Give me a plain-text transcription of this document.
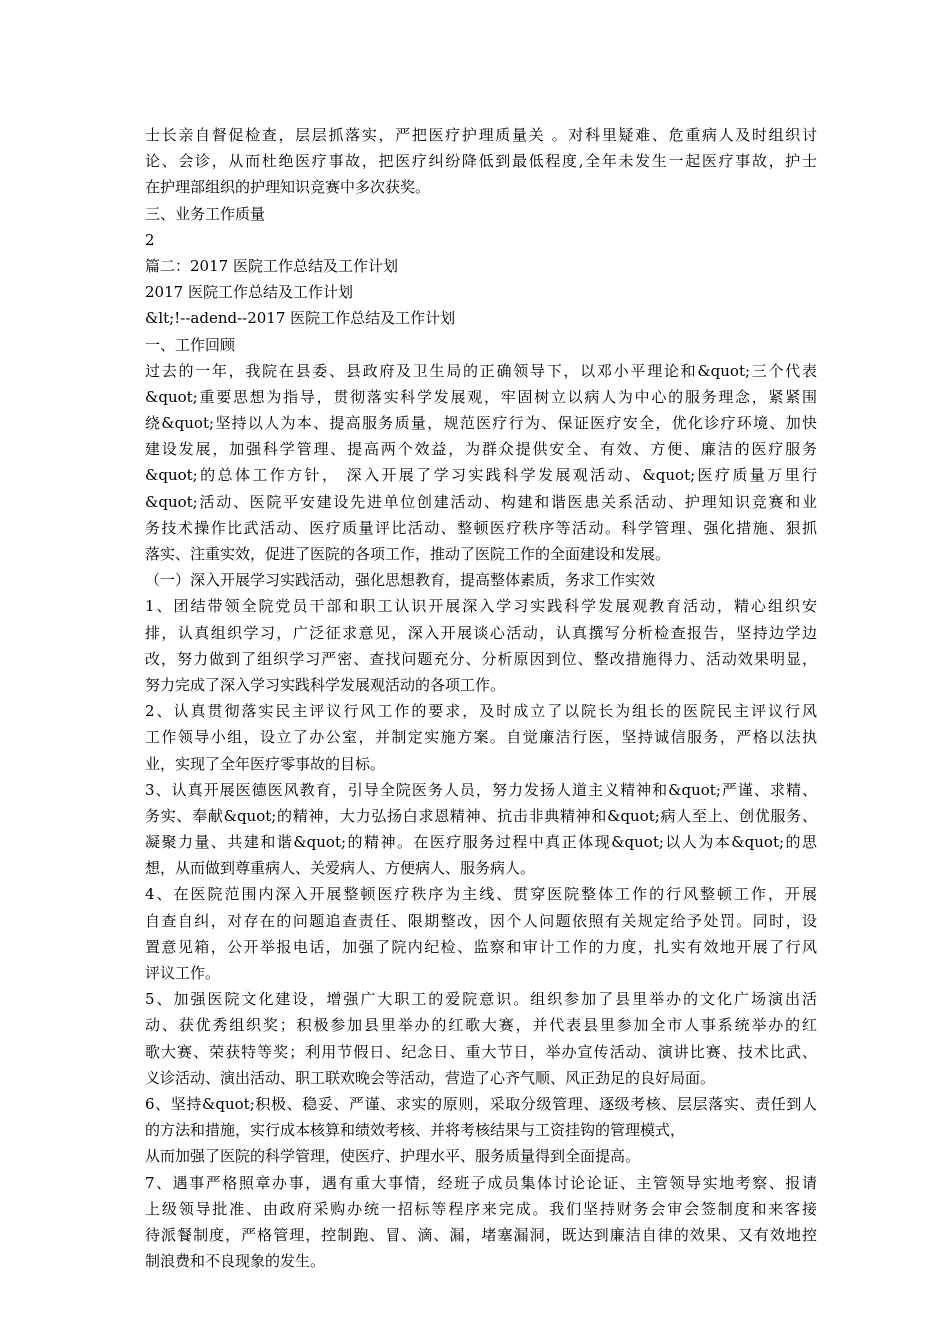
士长亲自督促检查，层层抓落实，严把医疗护理质量关 。对科里疑难、危重病人及时组织讨
论、会诊，从而杜绝医疗事故，把医疗纠纷降低到最低程度,全年未发生一起医疗事故，护士
在护理部组织的护理知识竞赛中多次获奖。
三、业务工作质量
2
篇二：2017 医院工作总结及工作计划
2017 医院工作总结及工作计划
&lt;!--adend--2017 医院工作总结及工作计划
一、工作回顾
过去的一年，我院在县委、县政府及卫生局的正确领导下，以邓小平理论和&quot;三个代表
&quot;重要思想为指导，贯彻落实科学发展观，牢固树立以病人为中心的服务理念，紧紧围
绕&quot;坚持以人为本、提高服务质量，规范医疗行为、保证医疗安全，优化诊疗环境、加快
建设发展，加强科学管理、提高两个效益，为群众提供安全、有效、方便、廉洁的医疗服务
&quot;的总体工作方针， 深入开展了学习实践科学发展观活动、&quot;医疗质量万里行
&quot;活动、医院平安建设先进单位创建活动、构建和谐医患关系活动、护理知识竞赛和业
务技术操作比武活动、医疗质量评比活动、整顿医疗秩序等活动。科学管理、强化措施、狠抓
落实、注重实效，促进了医院的各项工作，推动了医院工作的全面建设和发展。
（一）深入开展学习实践活动，强化思想教育，提高整体素质，务求工作实效
1、团结带领全院党员干部和职工认识开展深入学习实践科学发展观教育活动，精心组织安
排，认真组织学习，广泛征求意见，深入开展谈心活动，认真撰写分析检查报告，坚持边学边
改，努力做到了组织学习严密、查找问题充分、分析原因到位、整改措施得力、活动效果明显，
努力完成了深入学习实践科学发展观活动的各项工作。
2、认真贯彻落实民主评议行风工作的要求，及时成立了以院长为组长的医院民主评议行风
工作领导小组，设立了办公室，并制定实施方案。自觉廉洁行医，坚持诚信服务，严格以法执
业，实现了全年医疗零事故的目标。
3、认真开展医德医风教育，引导全院医务人员，努力发扬人道主义精神和&quot;严谨、求精、
务实、奉献&quot;的精神，大力弘扬白求恩精神、抗击非典精神和&quot;病人至上、创优服务、
凝聚力量、共建和谐&quot;的精神。在医疗服务过程中真正体现&quot;以人为本&quot;的思
想，从而做到尊重病人、关爱病人、方便病人、服务病人。
4、在医院范围内深入开展整顿医疗秩序为主线、贯穿医院整体工作的行风整顿工作，开展
自查自纠，对存在的问题追查责任、限期整改，因个人问题依照有关规定给予处罚。同时，设
置意见箱，公开举报电话，加强了院内纪检、监察和审计工作的力度，扎实有效地开展了行风
评议工作。
5、加强医院文化建设，增强广大职工的爱院意识。组织参加了县里举办的文化广场演出活
动、获优秀组织奖；积极参加县里举办的红歌大赛，并代表县里参加全市人事系统举办的红
歌大赛、荣获特等奖；利用节假日、纪念日、重大节日，举办宣传活动、演讲比赛、技术比武、
义诊活动、演出活动、职工联欢晚会等活动，营造了心齐气顺、风正劲足的良好局面。
6、坚持&quot;积极、稳妥、严谨、求实的原则，采取分级管理、逐级考核、层层落实、责任到人
的方法和措施，实行成本核算和绩效考核、并将考核结果与工资挂钩的管理模式，
从而加强了医院的科学管理，使医疗、护理水平、服务质量得到全面提高。
7、遇事严格照章办事，遇有重大事情，经班子成员集体讨论论证、主管领导实地考察、报请
上级领导批准、由政府采购办统一招标等程序来完成。我们坚持财务会审会签制度和来客接
待派餐制度，严格管理，控制跑、冒、滴、漏，堵塞漏洞，既达到廉洁自律的效果、又有效地控
制浪费和不良现象的发生。
